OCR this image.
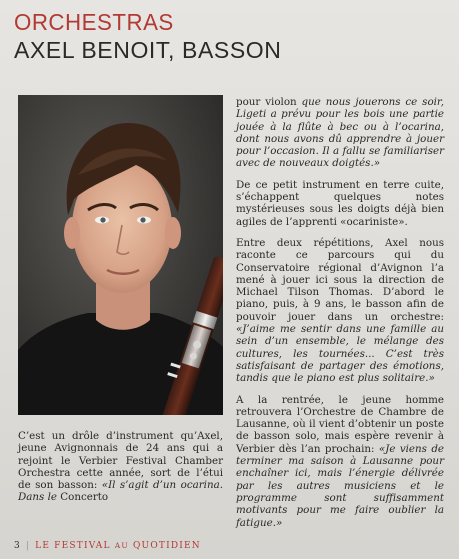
ORCHESTRAS
AXEL BENOIT, BASSON

pour violon que nous jouerons ce soir, Ligeti a prévu pour les bois une partie jouée à la flûte à bec ou à l’ocarina, dont nous avons dû apprendre à jouer pour l’occasion. Il a fallu se familiariser avec de nouveaux doigtés.»

De ce petit instrument en terre cuite, s’échappent quelques notes mystérieuses sous les doigts déjà bien agiles de l’apprenti «ocariniste».

Entre deux répétitions, Axel nous raconte ce parcours qui du Conservatoire régional d’Avignon l’a mené à jouer ici sous la direction de Michael Tilson Thomas. D’abord le piano, puis, à 9 ans, le basson afin de pouvoir jouer dans un orchestre: «J’aime me sentir dans une famille au sein d’un ensemble, le mélange des cultures, les tournées... C’est très satisfaisant de partager des émotions, tandis que le piano est plus solitaire.»

A la rentrée, le jeune homme retrouvera l’Orchestre de Chambre de Lausanne, où il vient d’obtenir un poste de basson solo, mais espère revenir à Verbier dès l’an prochain: «Je viens de terminer ma saison à Lausanne pour enchaîner ici, mais l’énergie délivrée par les autres musiciens et le programme sont suffisamment motivants pour me faire oublier la fatigue.»

C’est un drôle d’instrument qu’Axel, jeune Avignonnais de 24 ans qui a rejoint le Verbier Festival Chamber Orchestra cette année, sort de l’étui de son basson: «Il s’agit d’un ocarina. Dans le Concerto

3 | LE FESTIVAL AU QUOTIDIEN
